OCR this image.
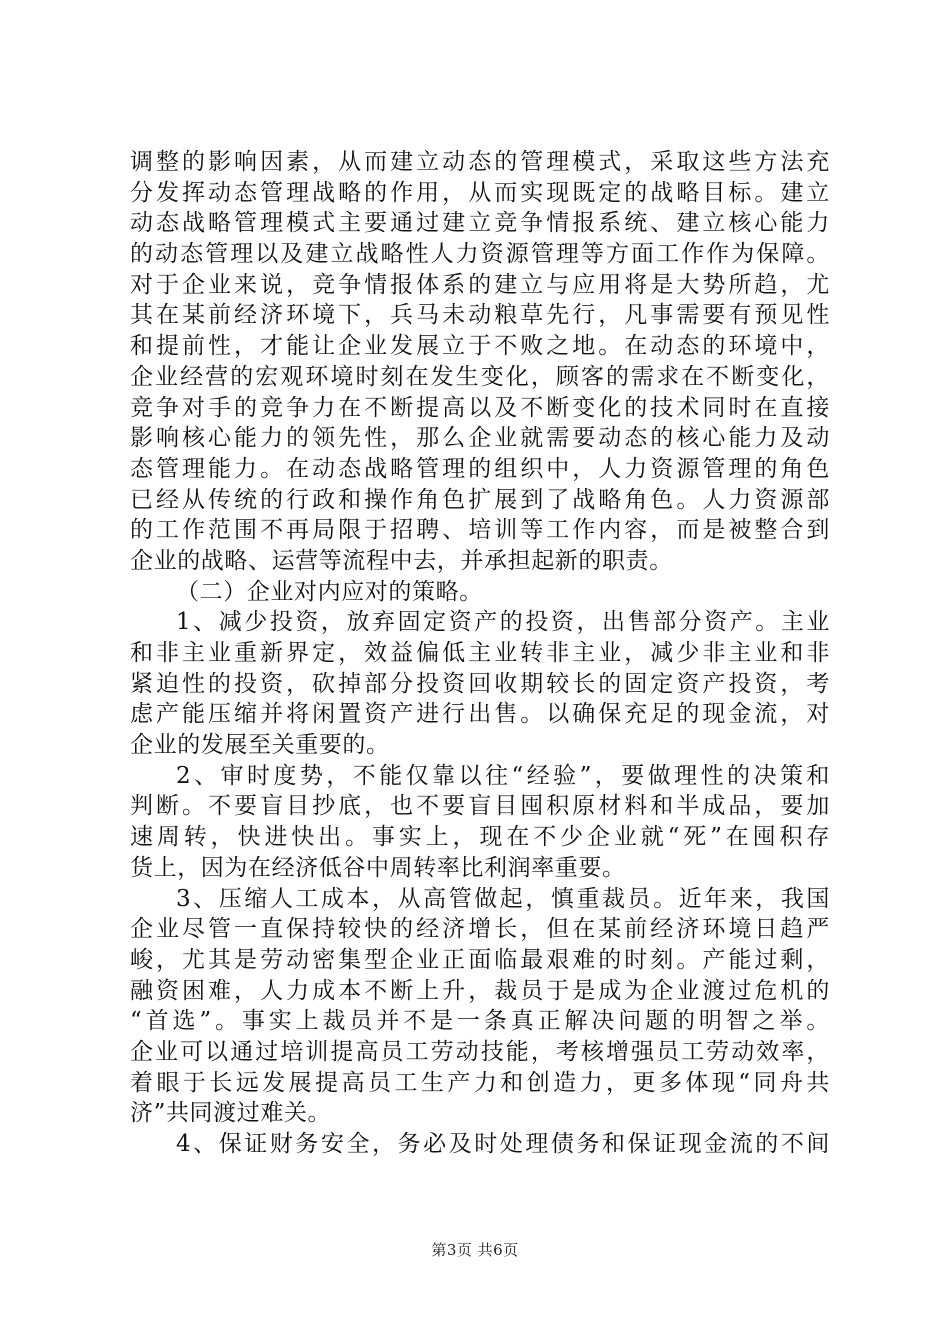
调整的影响因素，从而建立动态的管理模式，采取这些方法充
分发挥动态管理战略的作用，从而实现既定的战略目标。建立
动态战略管理模式主要通过建立竞争情报系统、建立核心能力
的动态管理以及建立战略性人力资源管理等方面工作作为保障。
对于企业来说，竞争情报体系的建立与应用将是大势所趋，尤
其在某前经济环境下，兵马未动粮草先行，凡事需要有预见性
和提前性，才能让企业发展立于不败之地。在动态的环境中，
企业经营的宏观环境时刻在发生变化，顾客的需求在不断变化，
竞争对手的竞争力在不断提高以及不断变化的技术同时在直接
影响核心能力的领先性，那么企业就需要动态的核心能力及动
态管理能力。在动态战略管理的组织中，人力资源管理的角色
已经从传统的行政和操作角色扩展到了战略角色。人力资源部
的工作范围不再局限于招聘、培训等工作内容，而是被整合到
企业的战略、运营等流程中去，并承担起新的职责。
（二）企业对内应对的策略。
1、减少投资，放弃固定资产的投资，出售部分资产。主业
和非主业重新界定，效益偏低主业转非主业，减少非主业和非
紧迫性的投资，砍掉部分投资回收期较长的固定资产投资，考
虑产能压缩并将闲置资产进行出售。以确保充足的现金流，对
企业的发展至关重要的。
2、审时度势，不能仅靠以往“经验”，要做理性的决策和
判断。不要盲目抄底，也不要盲目囤积原材料和半成品，要加
速周转，快进快出。事实上，现在不少企业就“死”在囤积存
货上，因为在经济低谷中周转率比利润率重要。
3、压缩人工成本，从高管做起，慎重裁员。近年来，我国
企业尽管一直保持较快的经济增长，但在某前经济环境日趋严
峻，尤其是劳动密集型企业正面临最艰难的时刻。产能过剩，
融资困难，人力成本不断上升，裁员于是成为企业渡过危机的
“首选”。事实上裁员并不是一条真正解决问题的明智之举。
企业可以通过培训提高员工劳动技能，考核增强员工劳动效率，
着眼于长远发展提高员工生产力和创造力，更多体现“同舟共
济”共同渡过难关。
4、保证财务安全，务必及时处理债务和保证现金流的不间
第3页 共6页
